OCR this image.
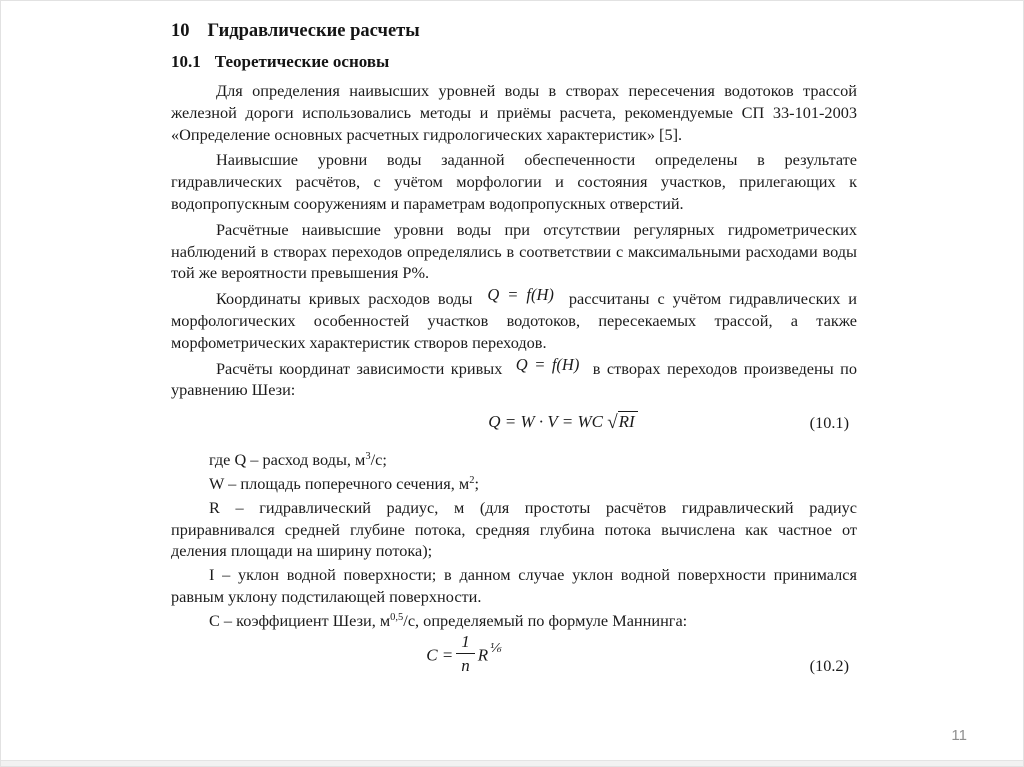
10 Гидравлические расчеты
10.1 Теоретические основы

Для определения наивысших уровней воды в створах пересечения водотоков трассой железной дороги использовались методы и приёмы расчета, рекомендуемые СП 33-101-2003 «Определение основных расчетных гидрологических характеристик» [5].

Наивысшие уровни воды заданной обеспеченности определены в результате гидравлических расчётов, с учётом морфологии и состояния участков, прилегающих к водопропускным сооружениям и параметрам водопропускных отверстий.

Расчётные наивысшие уровни воды при отсутствии регулярных гидрометрических наблюдений в створах переходов определялись в соответствии с максимальными расходами воды той же вероятности превышения Р%.

Координаты кривых расходов воды Q = f(H) рассчитаны с учётом гидравлических и морфологических особенностей участков водотоков, пересекаемых трассой, а также морфометрических характеристик створов переходов.

Расчёты координат зависимости кривых Q = f(H) в створах переходов произведены по уравнению Шези:

Q = W · V = WC √RI	(10.1)

где Q – расход воды, $м^3/с$;

W – площадь поперечного сечения, $м^2$;

R – гидравлический радиус, м (для простоты расчётов гидравлический радиус приравнивался средней глубине потока, средняя глубина потока вычислена как частное от деления площади на ширину потока);

I – уклон водной поверхности; в данном случае уклон водной поверхности принимался равным уклону подстилающей поверхности.

С – коэффициент Шези, $м^{0,5}/с$, определяемый по формуле Маннинга:

$C = \frac{1}{n}$ R $^{\frac{1}{6}}$
(10.2)
11
